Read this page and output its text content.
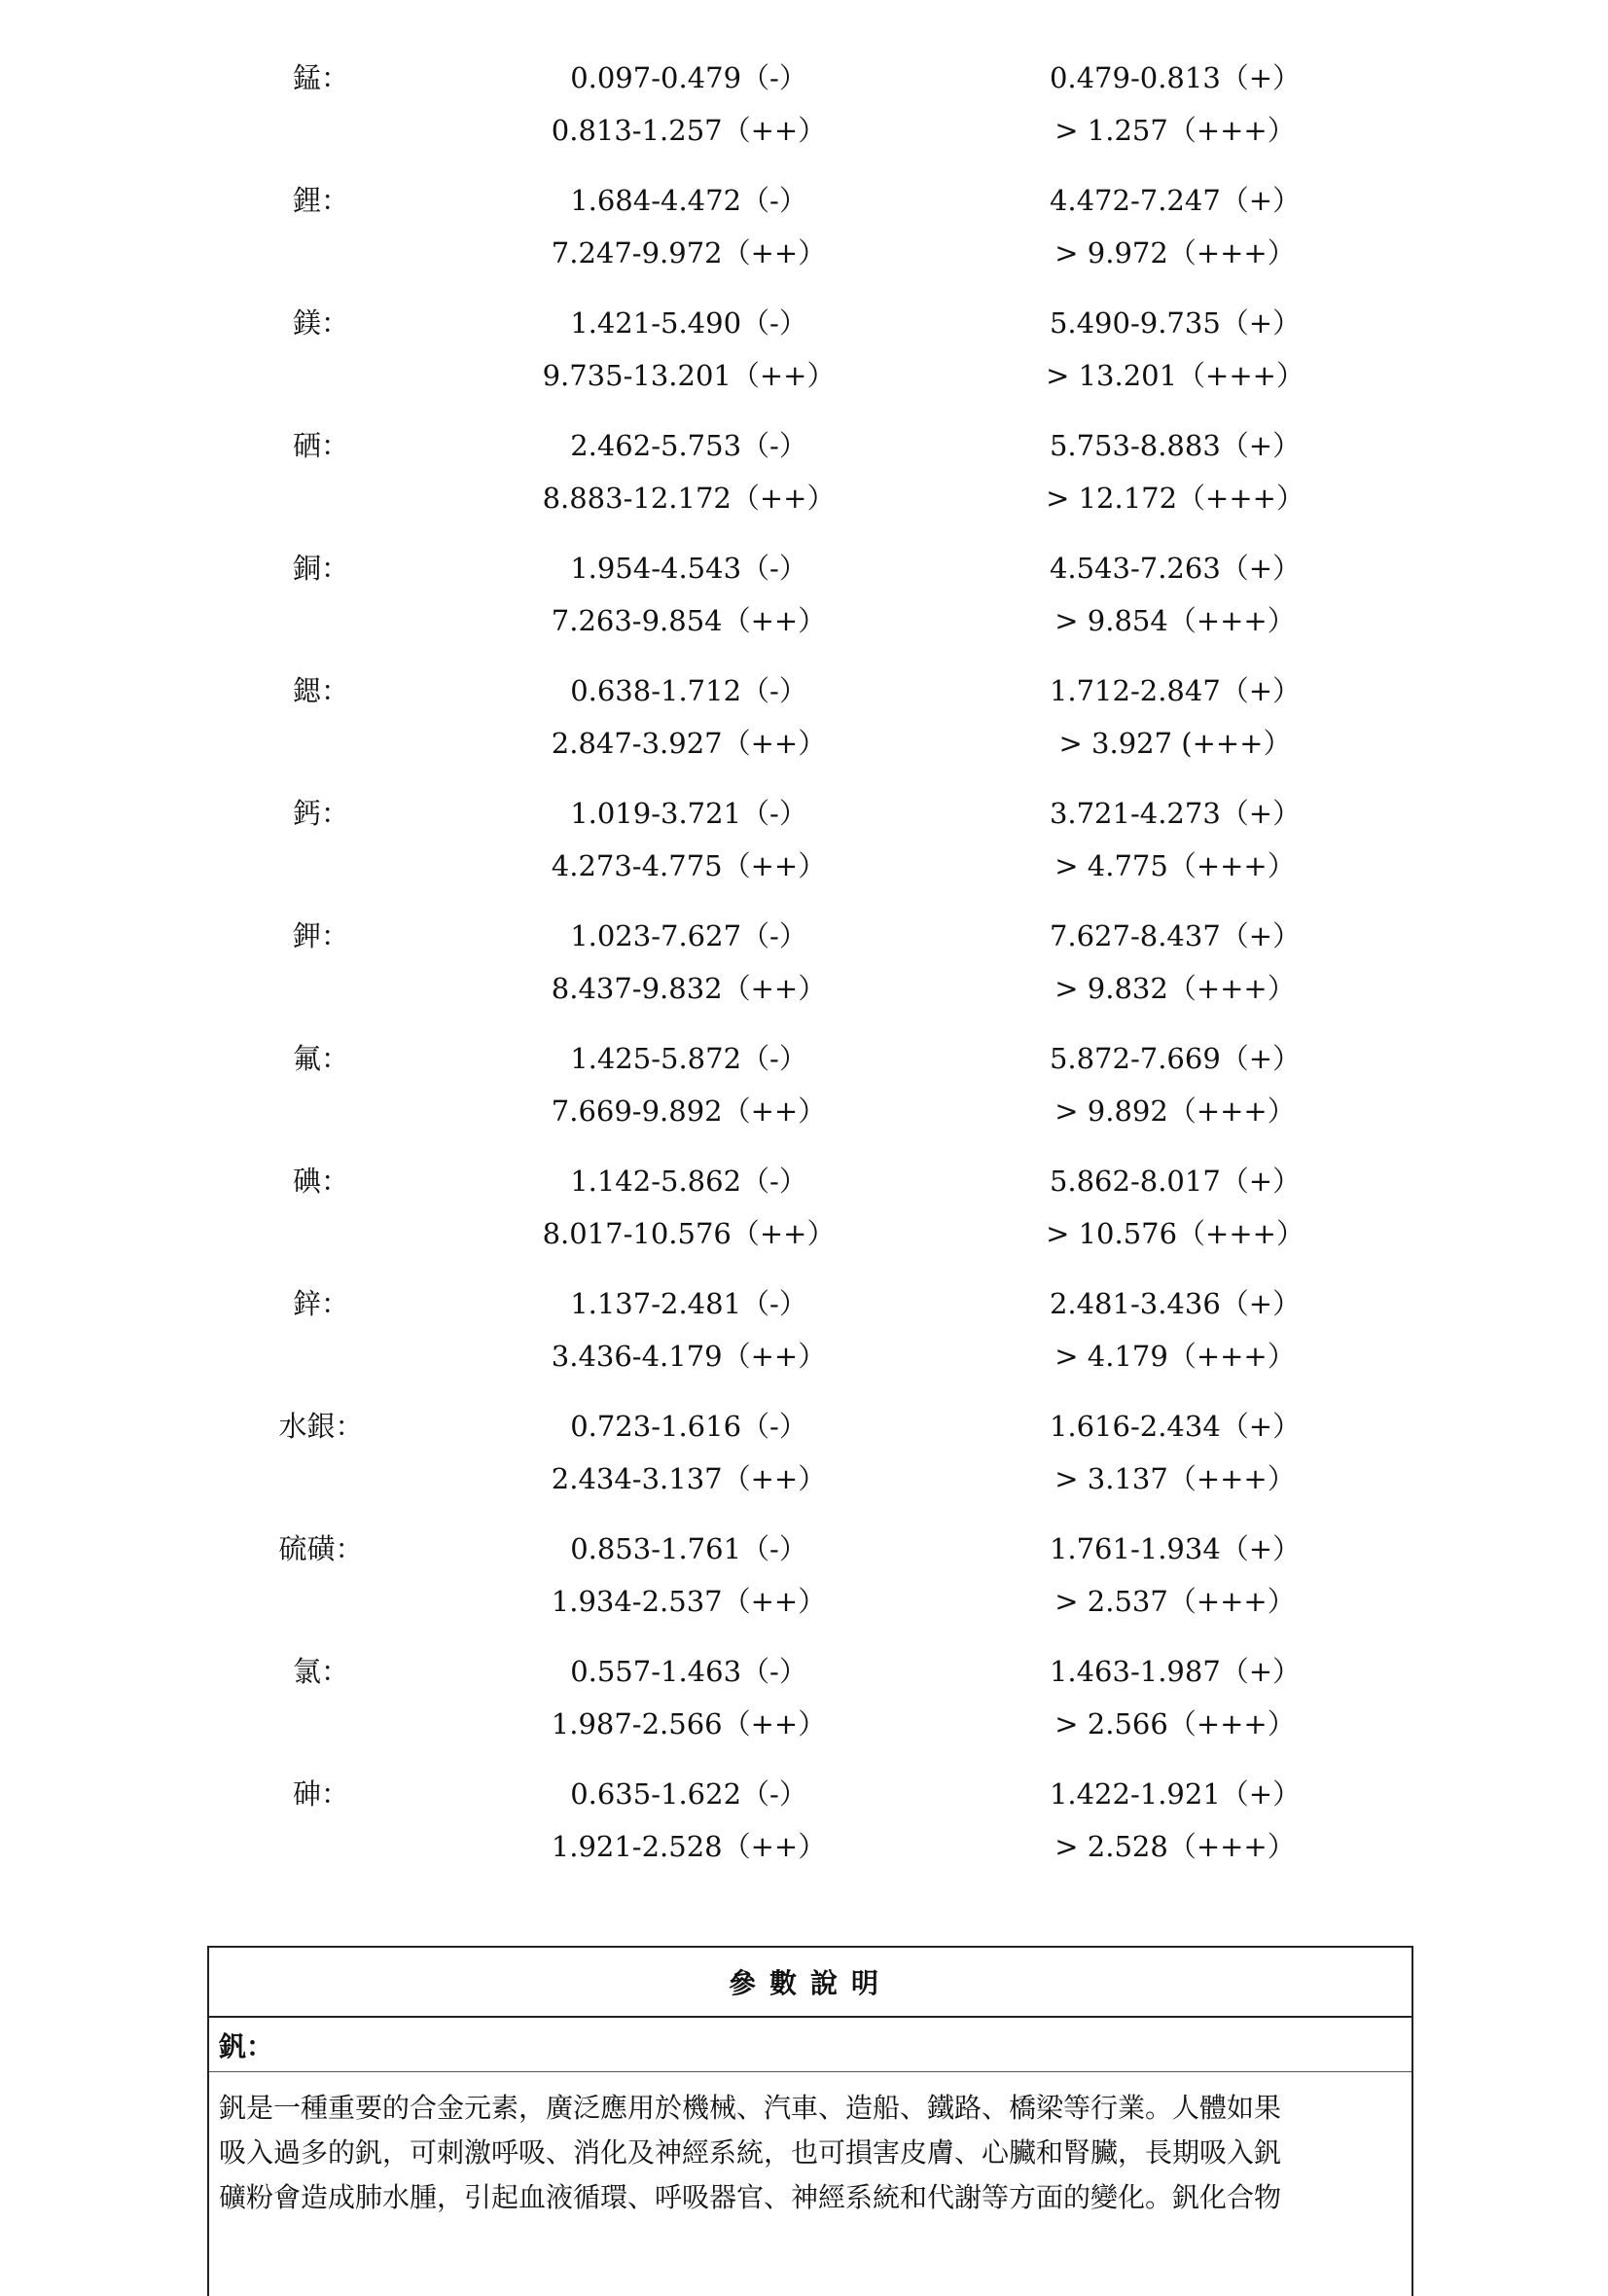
錳：	0.097-0.479（-）	0.479-0.813（+）
0.813-1.257（++）	> 1.257（+++）
鋰：	1.684-4.472（-）	4.472-7.247（+）
7.247-9.972（++）	> 9.972（+++）
鎂：	1.421-5.490（-）	5.490-9.735（+）
9.735-13.201（++）	> 13.201（+++）
硒：	2.462-5.753（-）	5.753-8.883（+）
8.883-12.172（++）	> 12.172（+++）
銅：	1.954-4.543（-）	4.543-7.263（+）
7.263-9.854（++）	> 9.854（+++）
鍶：	0.638-1.712（-）	1.712-2.847（+）
2.847-3.927（++）	> 3.927 (+++）
鈣：	1.019-3.721（-）	3.721-4.273（+）
4.273-4.775（++）	> 4.775（+++）
鉀：	1.023-7.627（-）	7.627-8.437（+）
8.437-9.832（++）	> 9.832（+++）
氟：	1.425-5.872（-）	5.872-7.669（+）
7.669-9.892（++）	> 9.892（+++）
碘：	1.142-5.862（-）	5.862-8.017（+）
8.017-10.576（++）	> 10.576（+++）
鋅：	1.137-2.481（-）	2.481-3.436（+）
3.436-4.179（++）	> 4.179（+++）
水銀：	0.723-1.616（-）	1.616-2.434（+）
2.434-3.137（++）	> 3.137（+++）
硫磺：	0.853-1.761（-）	1.761-1.934（+）
1.934-2.537（++）	> 2.537（+++）
氯：	0.557-1.463（-）	1.463-1.987（+）
1.987-2.566（++）	> 2.566（+++）
砷：	0.635-1.622（-）	1.422-1.921（+）
1.921-2.528（++）	> 2.528（+++）
參數說明
釩：
釩是一種重要的合金元素，廣泛應用於機械、汽車、造船、鐵路、橋梁等行業。人體如果
吸入過多的釩，可刺激呼吸、消化及神經系統，也可損害皮膚、心臟和腎臟，長期吸入釩
礦粉會造成肺水腫，引起血液循環、呼吸器官、神經系統和代謝等方面的變化。釩化合物
